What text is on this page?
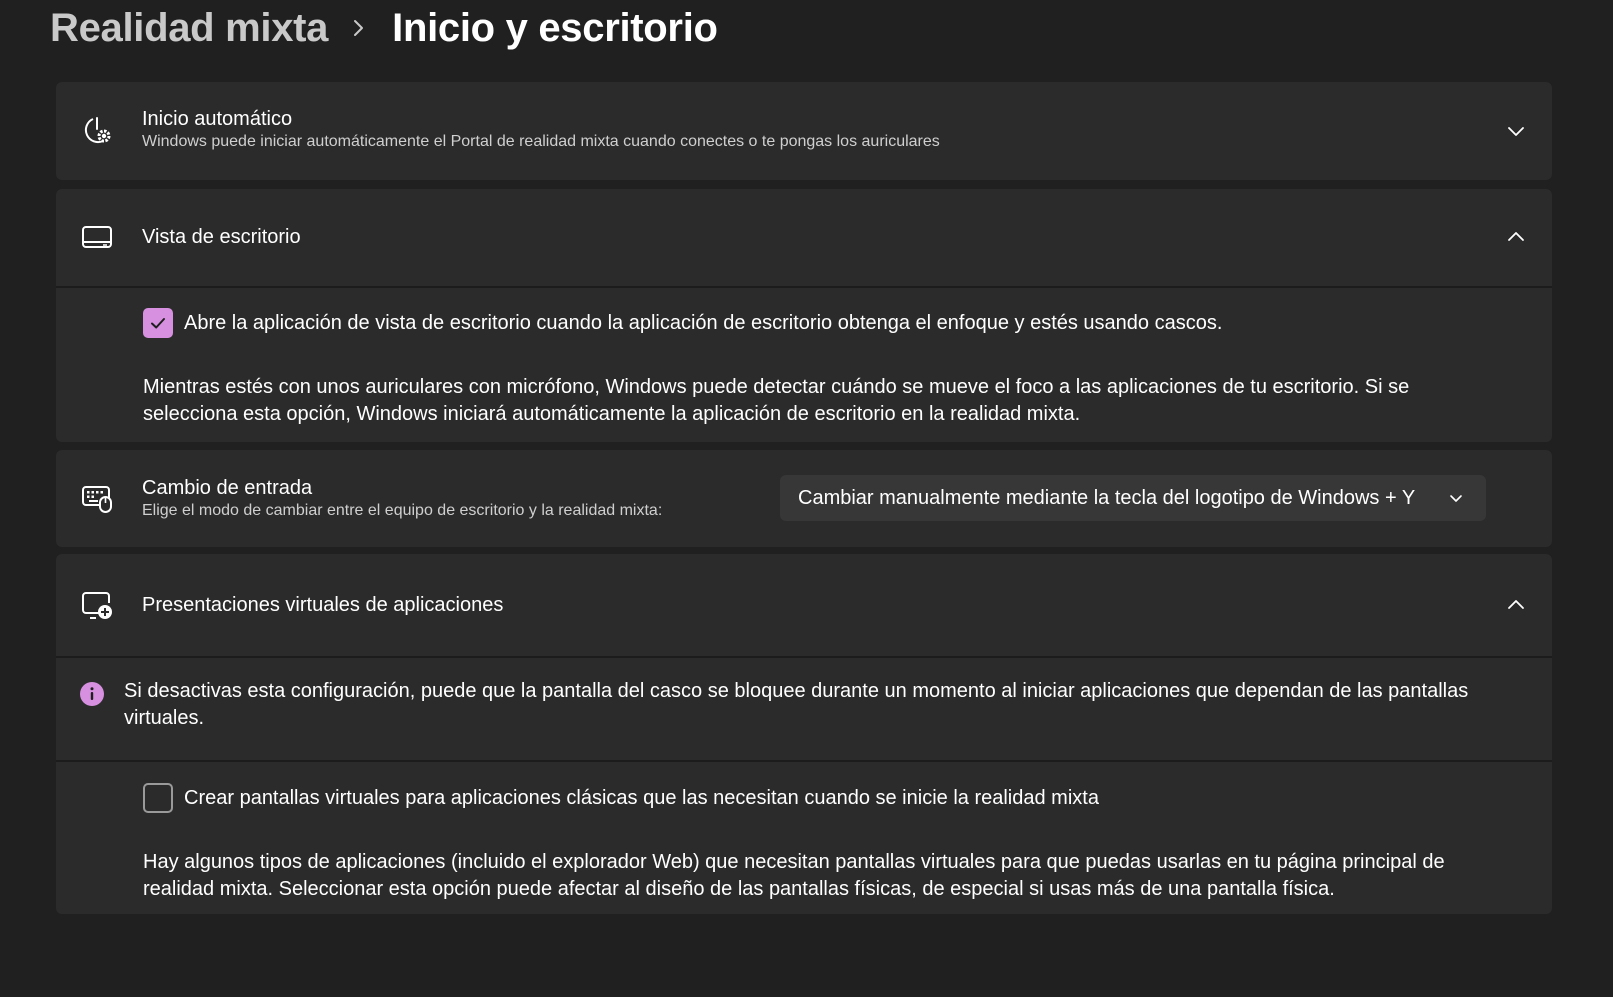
Realidad mixta Inicio y escritorio
Inicio automático
Windows puede iniciar automáticamente el Portal de realidad mixta cuando conectes o te pongas los auriculares
Vista de escritorio
Abre la aplicación de vista de escritorio cuando la aplicación de escritorio obtenga el enfoque y estés usando cascos.
Mientras estés con unos auriculares con micrófono, Windows puede detectar cuándo se mueve el foco a las aplicaciones de tu escritorio. Si se selecciona esta opción, Windows iniciará automáticamente la aplicación de escritorio en la realidad mixta.
Cambio de entrada
Elige el modo de cambiar entre el equipo de escritorio y la realidad mixta:
Cambiar manualmente mediante la tecla del logotipo de Windows + Y
Presentaciones virtuales de aplicaciones
Si desactivas esta configuración, puede que la pantalla del casco se bloquee durante un momento al iniciar aplicaciones que dependan de las pantallas virtuales.
Crear pantallas virtuales para aplicaciones clásicas que las necesitan cuando se inicie la realidad mixta
Hay algunos tipos de aplicaciones (incluido el explorador Web) que necesitan pantallas virtuales para que puedas usarlas en tu página principal de realidad mixta. Seleccionar esta opción puede afectar al diseño de las pantallas físicas, de especial si usas más de una pantalla física.
